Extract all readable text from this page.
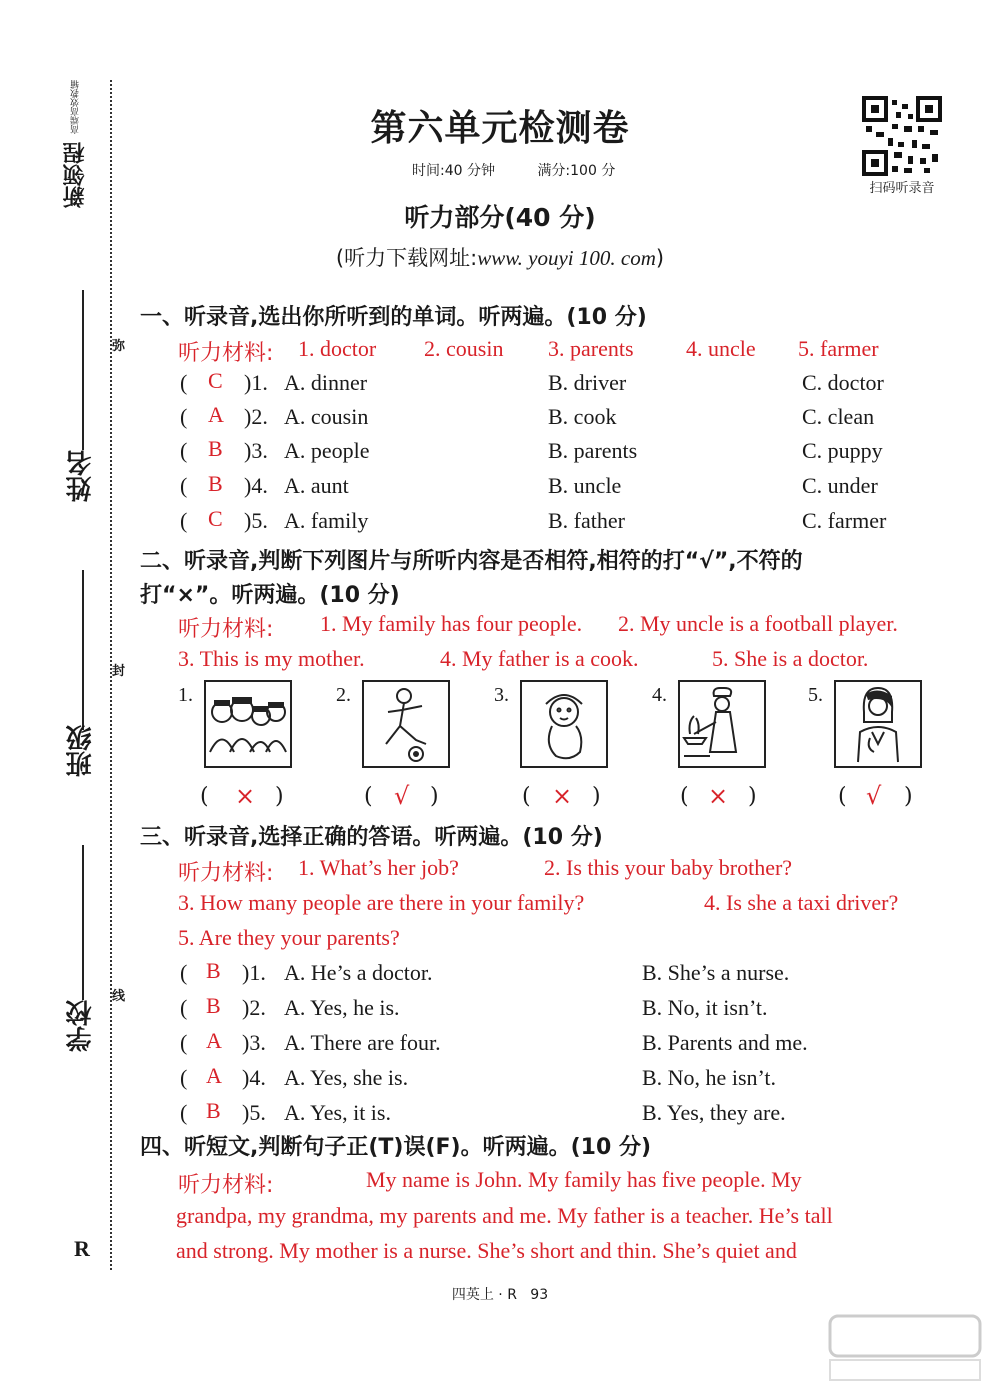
新领程 高端高效教辅
姓名
班级
学校
弥
封
线
R
第六单元检测卷
时间:40 分钟	满分:100 分
扫码听录音
听力部分(40 分)
(听力下载网址:www. youyi 100. com)
一、听录音,选出你所听到的单词。听两遍。(10 分)
听力材料: 1. doctor 2. cousin 3. parents 4. uncle 5. farmer
( C )1. A. dinner	B. driver	C. doctor
( A )2. A. cousin	B. cook	C. clean
( B )3. A. people	B. parents	C. puppy
( B )4. A. aunt	B. uncle	C. under
( C )5. A. family	B. father	C. farmer
二、听录音,判断下列图片与所听内容是否相符,相符的打“√”,不符的
打“×”。听两遍。(10 分)
听力材料: 1. My family has four people. 2. My uncle is a football player.
3. This is my mother.	4. My father is a cook.	5. She is a doctor.
1.	2.	3.	4.	5.
( × )	( √ )	( × )	( × )	( √ )
三、听录音,选择正确的答语。听两遍。(10 分)
听力材料: 1. What’s her job?	2. Is this your baby brother?
3. How many people are there in your family?	4. Is she a taxi driver?
5. Are they your parents?
( B )1. A. He’s a doctor.	B. She’s a nurse.
( B )2. A. Yes, he is.	B. No, it isn’t.
( A )3. A. There are four.	B. Parents and me.
( A )4. A. Yes, she is.	B. No, he isn’t.
( B )5. A. Yes, it is.	B. Yes, they are.
四、听短文,判断句子正(T)误(F)。听两遍。(10 分)
听力材料:	My name is John. My family has five people. My
grandpa, my grandma, my parents and me. My father is a teacher. He’s tall
and strong. My mother is a nurse. She’s short and thin. She’s quiet and
四英上 · R 93
